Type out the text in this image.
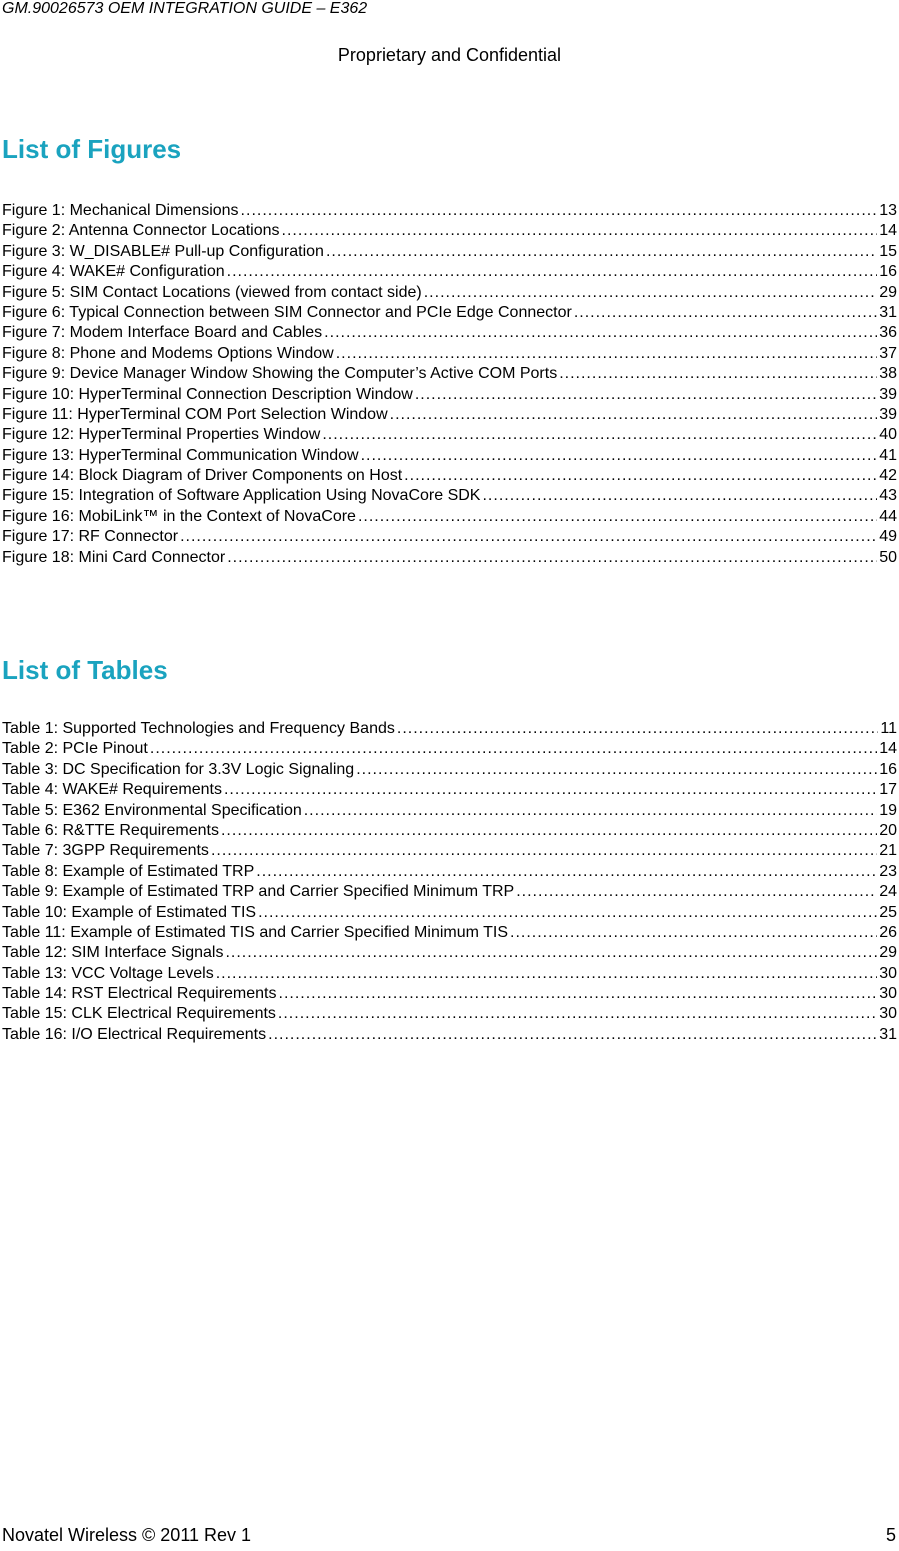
GM.90026573 OEM INTEGRATION GUIDE – E362
Proprietary and Confidential
List of Figures
Figure 1: Mechanical Dimensions .....	13
Figure 2: Antenna Connector Locations .....	14
Figure 3: W_DISABLE# Pull-up Configuration .....	15
Figure 4: WAKE# Configuration .....	16
Figure 5: SIM Contact Locations (viewed from contact side) .....	29
Figure 6: Typical Connection between SIM Connector and PCIe Edge Connector .....	31
Figure 7: Modem Interface Board and Cables .....	36
Figure 8: Phone and Modems Options Window .....	37
Figure 9: Device Manager Window Showing the Computer’s Active COM Ports .....	38
Figure 10: HyperTerminal Connection Description Window .....	39
Figure 11: HyperTerminal COM Port Selection Window .....	39
Figure 12: HyperTerminal Properties Window .....	40
Figure 13: HyperTerminal Communication Window .....	41
Figure 14: Block Diagram of Driver Components on Host .....	42
Figure 15: Integration of Software Application Using NovaCore SDK .....	43
Figure 16: MobiLink™ in the Context of NovaCore .....	44
Figure 17: RF Connector .....	49
Figure 18: Mini Card Connector .....	50
List of Tables
Table 1: Supported Technologies and Frequency Bands .....	11
Table 2: PCIe Pinout .....	14
Table 3: DC Specification for 3.3V Logic Signaling .....	16
Table 4: WAKE# Requirements .....	17
Table 5: E362 Environmental Specification .....	19
Table 6: R&TTE Requirements .....	20
Table 7: 3GPP Requirements .....	21
Table 8: Example of Estimated TRP .....	23
Table 9: Example of Estimated TRP and Carrier Specified Minimum TRP .....	24
Table 10: Example of Estimated TIS .....	25
Table 11: Example of Estimated TIS and Carrier Specified Minimum TIS .....	26
Table 12: SIM Interface Signals .....	29
Table 13: VCC Voltage Levels .....	30
Table 14: RST Electrical Requirements .....	30
Table 15: CLK Electrical Requirements .....	30
Table 16: I/O Electrical Requirements .....	31
Novatel Wireless © 2011 Rev 1	5
